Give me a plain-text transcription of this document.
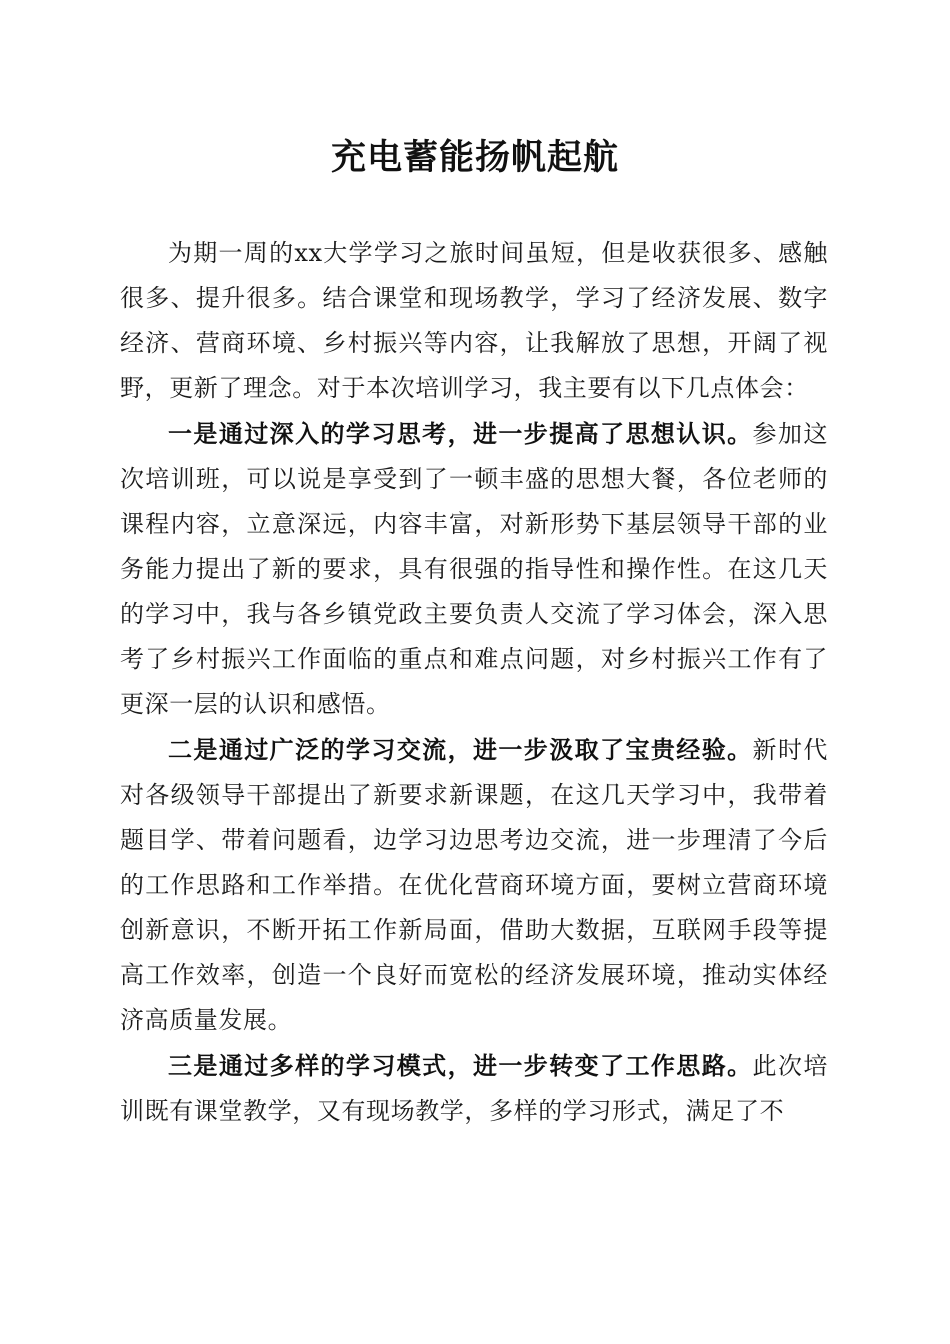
充电蓄能扬帆起航

为期一周的xx大学学习之旅时间虽短，但是收获很多、感触很多、提升很多。结合课堂和现场教学，学习了经济发展、数字经济、营商环境、乡村振兴等内容，让我解放了思想，开阔了视野，更新了理念。对于本次培训学习，我主要有以下几点体会：

一是通过深入的学习思考，进一步提高了思想认识。参加这次培训班，可以说是享受到了一顿丰盛的思想大餐，各位老师的课程内容，立意深远，内容丰富，对新形势下基层领导干部的业务能力提出了新的要求，具有很强的指导性和操作性。在这几天的学习中，我与各乡镇党政主要负责人交流了学习体会，深入思考了乡村振兴工作面临的重点和难点问题，对乡村振兴工作有了更深一层的认识和感悟。

二是通过广泛的学习交流，进一步汲取了宝贵经验。新时代对各级领导干部提出了新要求新课题，在这几天学习中，我带着题目学、带着问题看，边学习边思考边交流，进一步理清了今后的工作思路和工作举措。在优化营商环境方面，要树立营商环境创新意识，不断开拓工作新局面，借助大数据，互联网手段等提高工作效率，创造一个良好而宽松的经济发展环境，推动实体经济高质量发展。

三是通过多样的学习模式，进一步转变了工作思路。此次培训既有课堂教学，又有现场教学，多样的学习形式，满足了不
